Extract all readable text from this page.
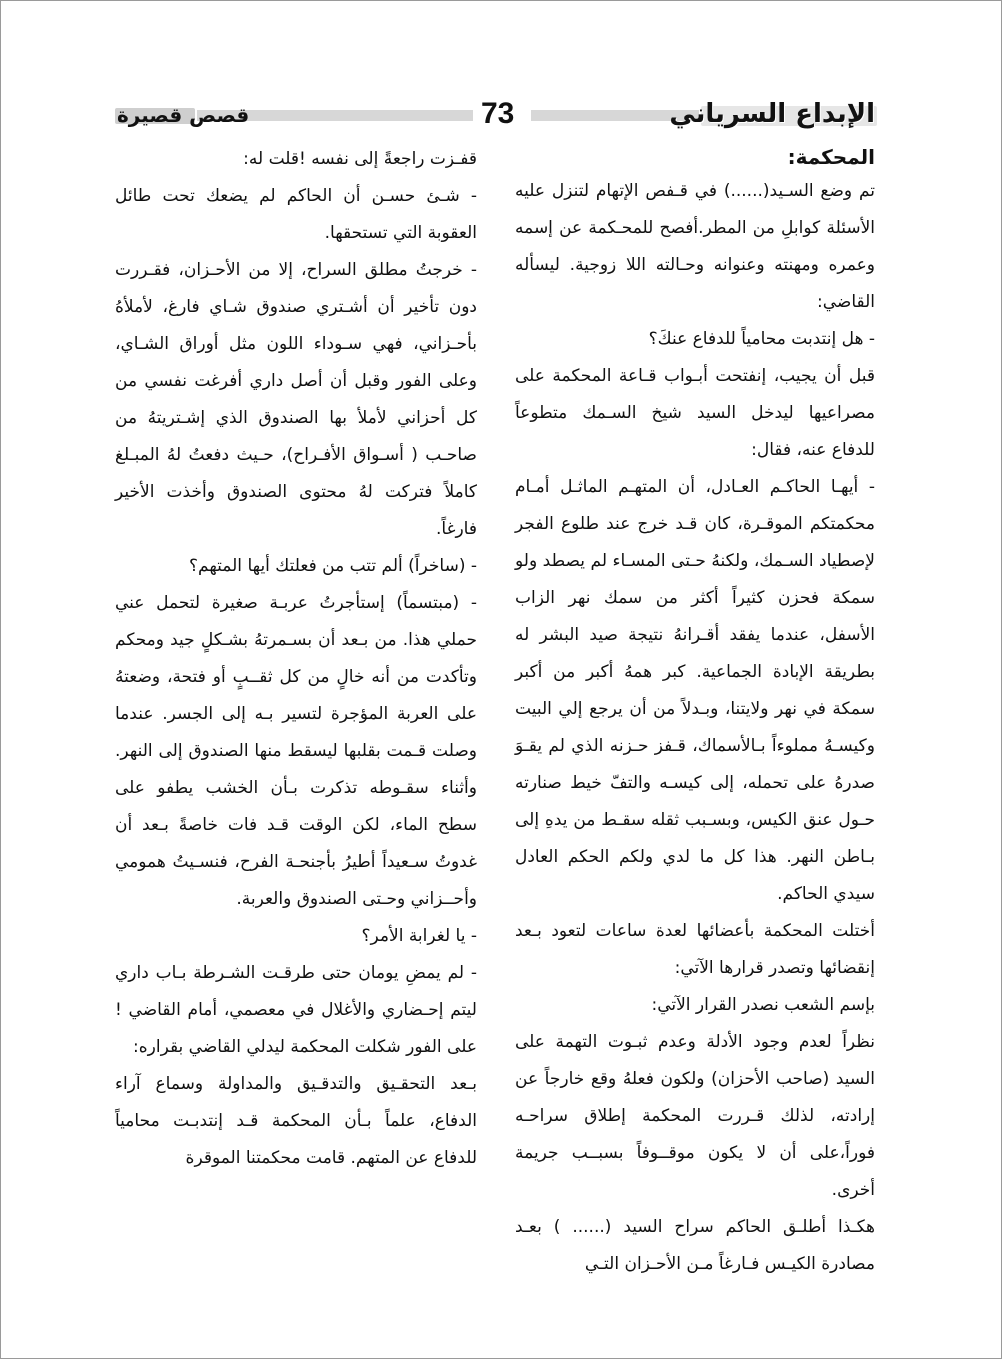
قصص قصيرة	73	الإبداع السرياني

المحكمة:

تم وضع السـيد(......) في قـفص الإتهام لتنزل عليه الأسئلة كوابلِ من المطر.أفصح للمحـكمة عن إسمه وعمره ومهنته وعنوانه وحـالته اللا زوجية. ليسأله القاضي:

- هل إنتدبت محامياً للدفاع عنكَ؟

قبل أن يجيب، إنفتحت أبـواب قـاعة المحكمة على مصراعيها ليدخل السيد شيخ السـمك متطوعاً للدفاع عنه، فقال:

- أيهـا الحاكـم العـادل، أن المتهـم الماثـل أمـام محكمتكم الموقـرة، كان قـد خرج عند طلوع الفجر لإصطياد السـمك، ولكنهُ حـتى المسـاء لم يصطد ولو سمكة فحزن كثيراً أكثر من سمك نهر الزاب الأسفل، عندما يفقد أقـرانهُ نتيجة صيد البشر له بطريقة الإبادة الجماعية. كبر همهُ أكبر من أكبر سمكة في نهر ولايتنا، وبـدلاً من أن يرجع إلي البيت وكيسـهُ مملوءاً بـالأسماك، قـفز حـزنه الذي لم يقـوَ صدرهُ على تحمله، إلى كيسـه والتفّ خيط صنارته حـول عنق الكيس، وبسـبب ثقله سقـط من يدهِ إلى بـاطن النهر. هذا كل ما لدي ولكم الحكم العادل سيدي الحاكم.

أختلت المحكمة بأعضائها لعدة ساعات لتعود بـعد إنقضائها وتصدر قرارها الآتي:

بإسم الشعب نصدر القرار الآتي:

نظراً لعدم وجود الأدلة وعدم ثبـوت التهمة على السيد (صاحب الأحزان) ولكون فعلهُ وقع خارجاً عن إرادته، لذلك قـررت المحكمة إطلاق سراحـه فوراً،على أن لا يكون موقــوفاً بسبــب جريمة أخرى.

هكـذا أطلـق الحاكم سراح السيد (...... ) بعـد مصادرة الكيـس فـارغاً مـن الأحـزان التـي

قفـزت راجعةً إلى نفسه !قلت له:

- شـئ حسـن أن الحاكم لم يضعك تحت طائل العقوبة التي تستحقها.

- خرجتُ مطلق السراح، إلا من الأحـزان، فقـررت دون تأخير أن أشـتري صندوق شـاي فارغ، لأملأهُ بأحـزاني، فهي سـوداء اللون مثل أوراق الشـاي، وعلى الفور وقبل أن أصل داري أفرغت نفسي من كل أحزاني لأملأ بها الصندوق الذي إشـتريتهُ من صاحـب ( أسـواق الأفـراح)، حـيث دفعتُ لهُ المبـلغ كاملاً فتركت لهُ محتوى الصندوق وأخذت الأخير فارغاً.

- (ساخراً) ألم تتب من فعلتك أيها المتهم؟

- (مبتسماً) إستأجرتُ عربـة صغيرة لتحمل عني حملي هذا. من بـعد أن بسـمرتهُ بشـكلٍ جيد ومحكم وتأكدت من أنه خالٍ من كل ثقــبٍ أو فتحة، وضعتهُ على العربة المؤجرة لتسير بـه إلى الجسر. عندما وصلت قـمت بقلبها ليسقط منها الصندوق إلى النهر. وأثناء سقـوطه تذكرت بـأن الخشب يطفو على سطح الماء، لكن الوقت قـد فات خاصةً بـعد أن غدوتُ سـعيداً أطيرُ بأجنحـة الفرح، فنسـيتُ همومي وأحــزاني وحـتى الصندوق والعربة.

- يا لغرابة الأمر؟

- لم يمضِ يومان حتى طرقـت الشـرطة بـاب داري ليتم إحـضاري والأغلال في معصمي، أمام القاضي !على الفور شكلت المحكمة ليدلي القاضي بقراره:

بـعد التحقـيق والتدقـيق والمداولة وسماع آراء الدفاع، علماً بـأن المحكمة قـد إنتدبـت محامياً للدفاع عن المتهم. قامت محكمتنا الموقرة
